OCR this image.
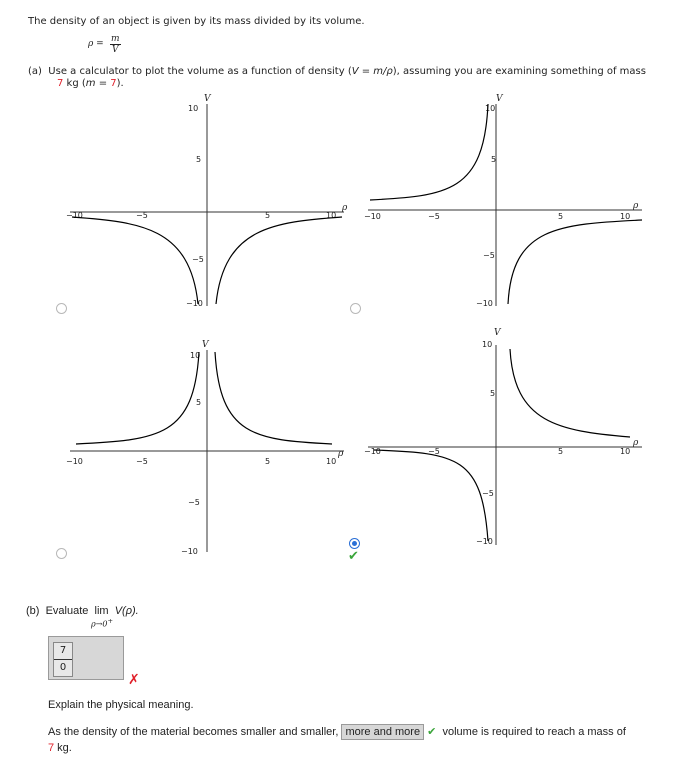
The density of an object is given by its mass divided by its volume.
$\rho = \frac{m}{V}$
(a) Use a calculator to plot the volume as a function of density (V = m/ρ), assuming you are examining something of mass
7 kg (m = 7).
V
ρ
10
5
−5
−10
−10	−5	5	10
V
ρ
10
5
−5
−10
−10	−5	5	10
V
ρ
10
5
−5
−10
−10	−5	5	10
✔
V
ρ
10
5
−5
−10
−10	−5	5	10
(b) Evaluate lim V(ρ).
ρ→0+
$\frac{7}{0}$
✗
Explain the physical meaning.
As the density of the material becomes smaller and smaller, more and more ✔ volume is required to reach a mass of
7 kg.
